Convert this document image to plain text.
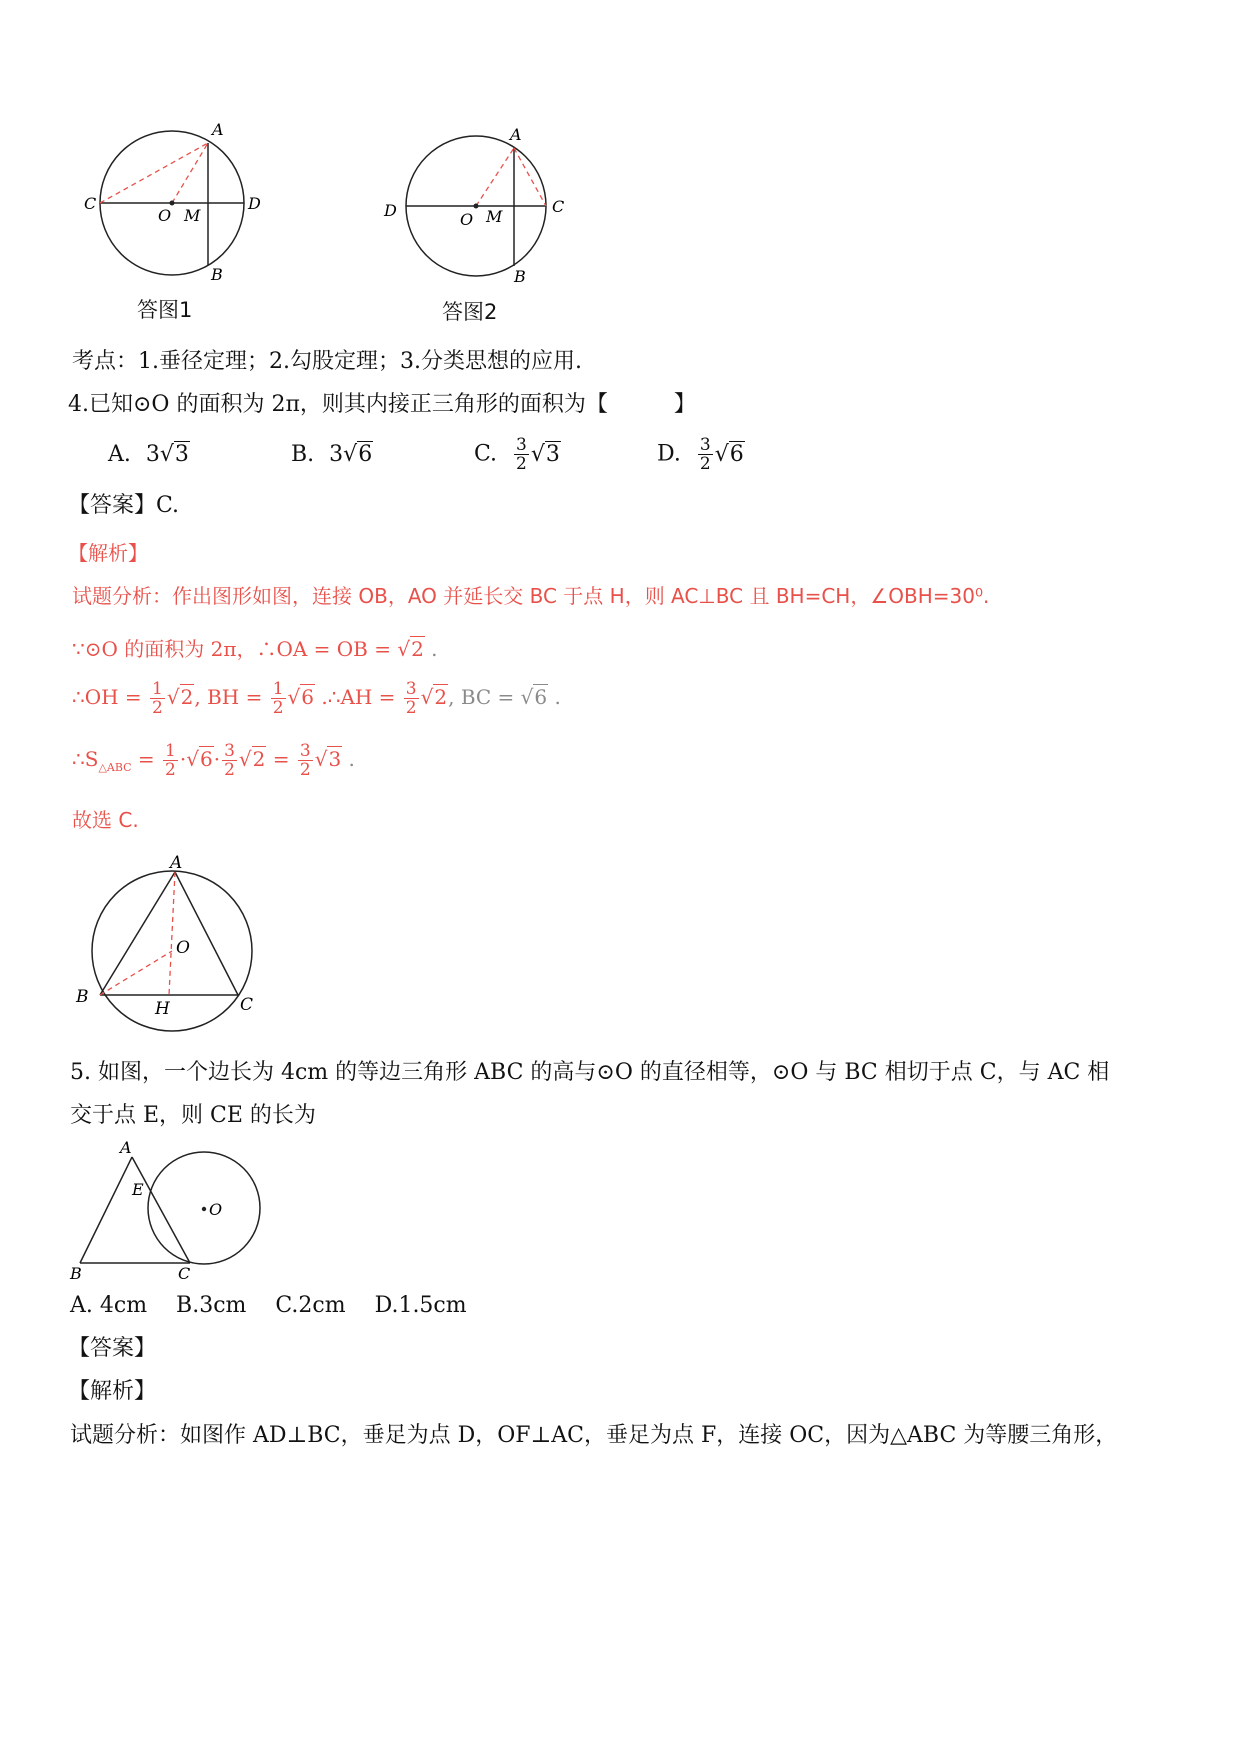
A
C
O M
D
B
答图1
A
D	O M
C
B
答图2
考点：1.垂径定理；2.勾股定理；3.分类思想的应用.
4.已知⊙O 的面积为 2π，则其内接正三角形的面积为【　　　】
A. 3√3	B. 3√6	C. $\frac{3}{2} √3$	D. $\frac{3}{2} √6$
【答案】C.
【解析】
试题分析：作出图形如图，连接 OB，AO 并延长交 BC 于点 H，则 AC⊥BC 且 BH=CH，∠OBH=30⁰.
∵⊙O 的面积为 2π，∴OA = OB = √2 .
∴OH = $\frac{1}{2} √2$, BH = $\frac{1}{2} √6$ .∴AH = $\frac{3}{2} √2$, BC = √6 .
$\therefore S_{\triangle ABC} = \frac{1}{2} \cdot√6\cdot \frac{3}{2} √2 = \frac{3}{2} √3$ .
故选 C.
A
O
B
H	C
5. 如图，一个边长为 4cm 的等边三角形 ABC 的高与⊙O 的直径相等，⊙O 与 BC 相切于点 C，与 AC 相
交于点 E，则 CE 的长为
A
E
O
B	C
A. 4cm　 B.3cm　 C.2cm　 D.1.5cm
【答案】
【解析】
试题分析：如图作 AD⊥BC，垂足为点 D，OF⊥AC，垂足为点 F，连接 OC，因为△ABC 为等腰三角形，
